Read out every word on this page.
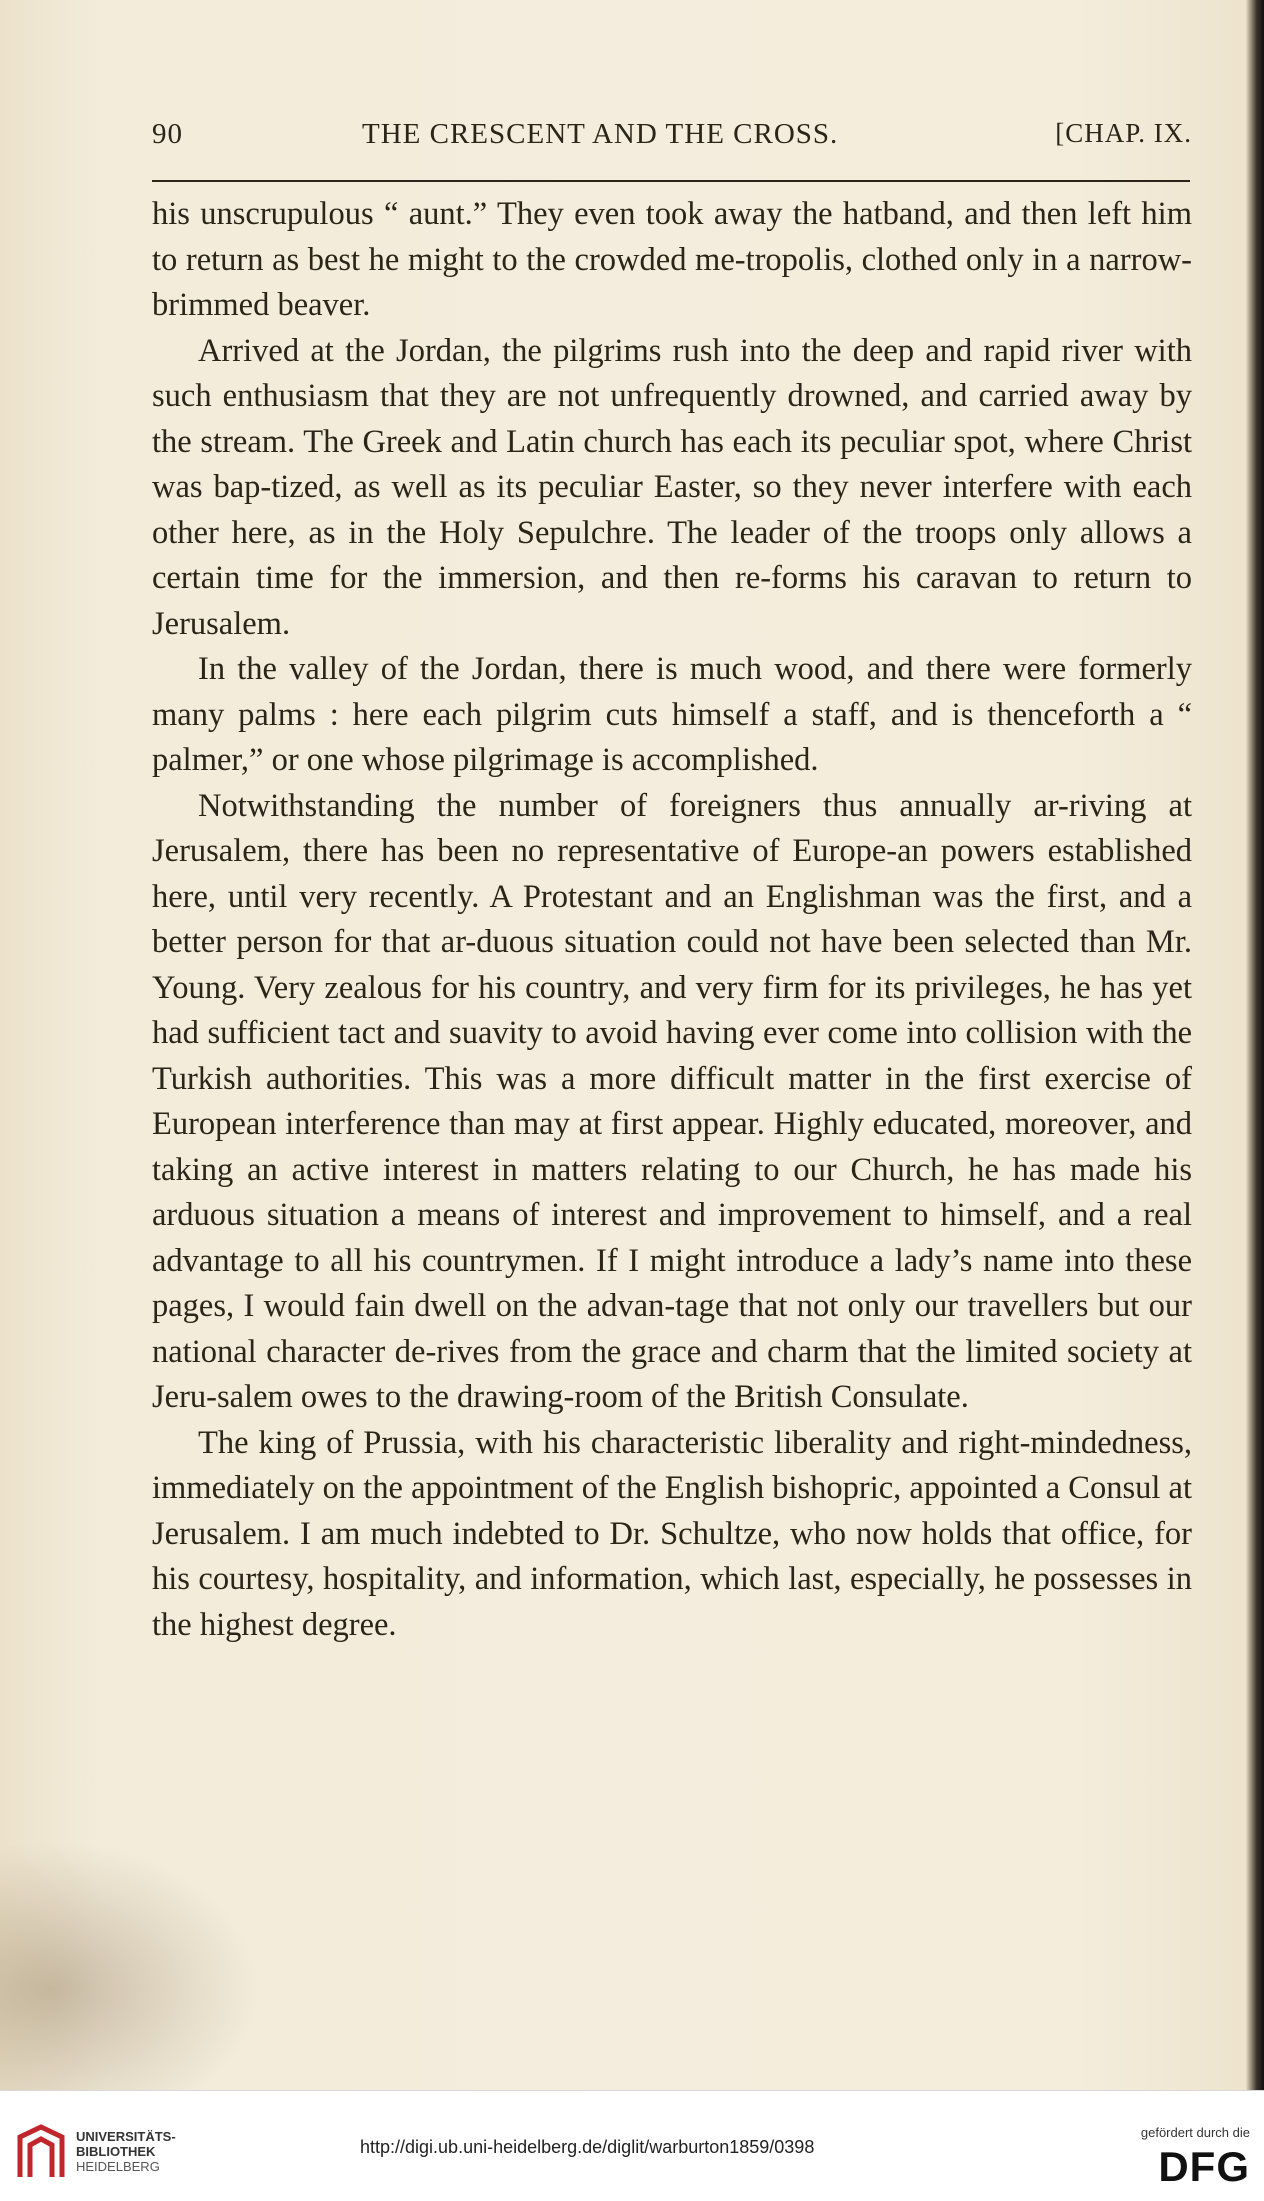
90	THE CRESCENT AND THE CROSS.	[CHAP. IX.

his unscrupulous “ aunt.” They even took away the hatband, and then left him to return as best he might to the crowded me-tropolis, clothed only in a narrow-brimmed beaver.

Arrived at the Jordan, the pilgrims rush into the deep and rapid river with such enthusiasm that they are not unfrequently drowned, and carried away by the stream. The Greek and Latin church has each its peculiar spot, where Christ was bap-tized, as well as its peculiar Easter, so they never interfere with each other here, as in the Holy Sepulchre. The leader of the troops only allows a certain time for the immersion, and then re-forms his caravan to return to Jerusalem.

In the valley of the Jordan, there is much wood, and there were formerly many palms : here each pilgrim cuts himself a staff, and is thenceforth a “ palmer,” or one whose pilgrimage is accomplished.

Notwithstanding the number of foreigners thus annually ar-riving at Jerusalem, there has been no representative of Europe-an powers established here, until very recently. A Protestant and an Englishman was the first, and a better person for that ar-duous situation could not have been selected than Mr. Young. Very zealous for his country, and very firm for its privileges, he has yet had sufficient tact and suavity to avoid having ever come into collision with the Turkish authorities. This was a more difficult matter in the first exercise of European interference than may at first appear. Highly educated, moreover, and taking an active interest in matters relating to our Church, he has made his arduous situation a means of interest and improvement to himself, and a real advantage to all his countrymen. If I might introduce a lady’s name into these pages, I would fain dwell on the advan-tage that not only our travellers but our national character de-rives from the grace and charm that the limited society at Jeru-salem owes to the drawing-room of the British Consulate.

The king of Prussia, with his characteristic liberality and right-mindedness, immediately on the appointment of the English bishopric, appointed a Consul at Jerusalem. I am much indebted to Dr. Schultze, who now holds that office, for his courtesy, hospitality, and information, which last, especially, he possesses in the highest degree.

UNIVERSITÄTS-
BIBLIOTHEK
HEIDELBERG
http://digi.ub.uni-heidelberg.de/diglit/warburton1859/0398
gefördert durch die
DFG
